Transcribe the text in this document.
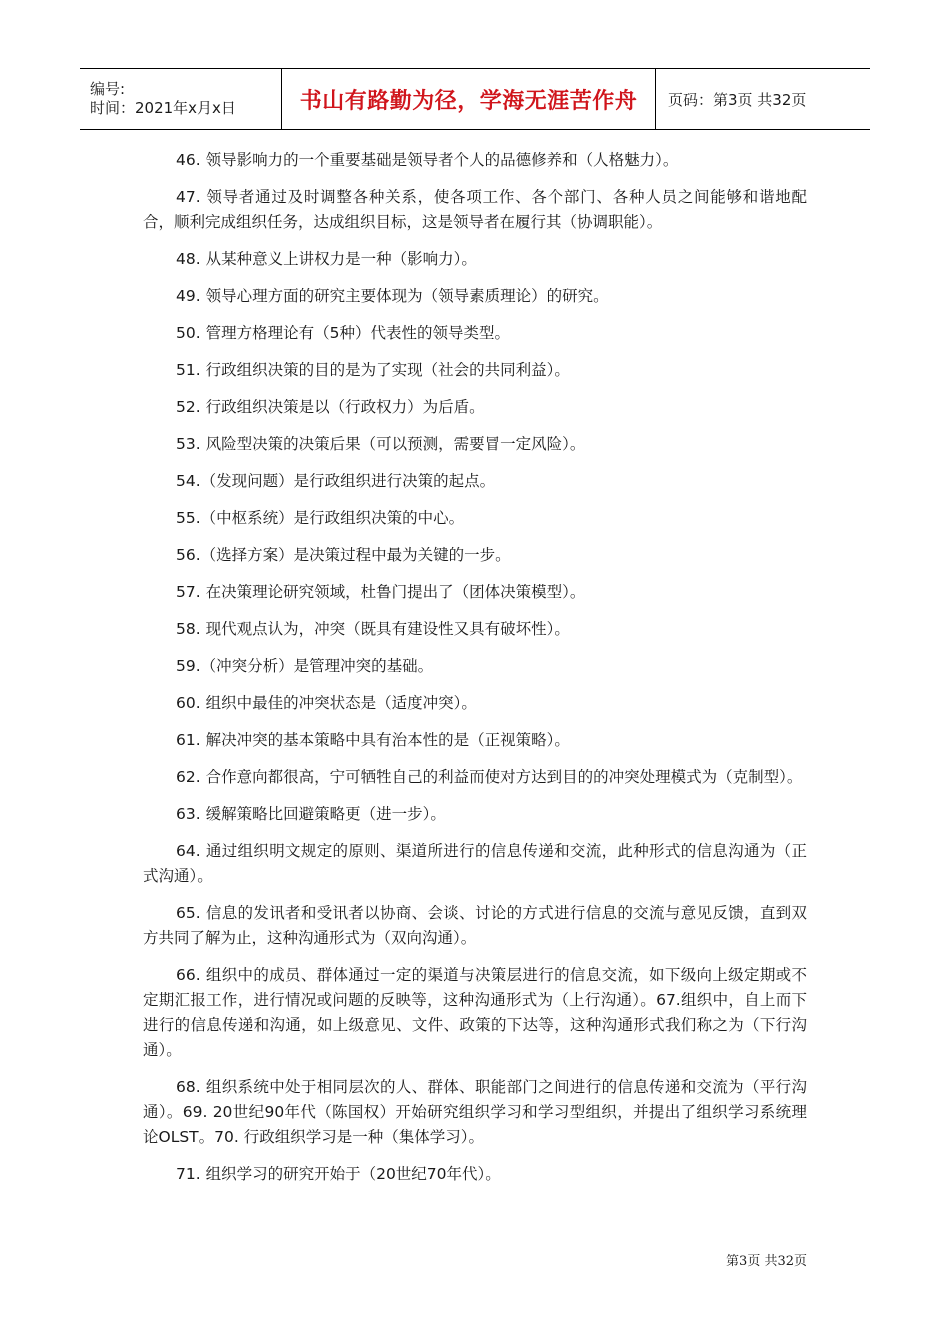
编号:
时间：2021年x月x日	书山有路勤为径，学海无涯苦作舟	页码：第3页 共32页

46. 领导影响力的一个重要基础是领导者个人的品德修养和（人格魅力）。

47. 领导者通过及时调整各种关系，使各项工作、各个部门、各种人员之间能够和谐地配合，顺利完成组织任务，达成组织目标，这是领导者在履行其（协调职能）。

48. 从某种意义上讲权力是一种（影响力）。

49. 领导心理方面的研究主要体现为（领导素质理论）的研究。

50. 管理方格理论有（5种）代表性的领导类型。

51. 行政组织决策的目的是为了实现（社会的共同利益）。

52. 行政组织决策是以（行政权力）为后盾。

53. 风险型决策的决策后果（可以预测，需要冒一定风险）。

54.（发现问题）是行政组织进行决策的起点。

55.（中枢系统）是行政组织决策的中心。

56.（选择方案）是决策过程中最为关键的一步。

57. 在决策理论研究领域，杜鲁门提出了（团体决策模型）。

58. 现代观点认为，冲突（既具有建设性又具有破坏性）。

59.（冲突分析）是管理冲突的基础。

60. 组织中最佳的冲突状态是（适度冲突）。

61. 解决冲突的基本策略中具有治本性的是（正视策略）。

62. 合作意向都很高，宁可牺牲自己的利益而使对方达到目的的冲突处理模式为（克制型）。

63. 缓解策略比回避策略更（进一步）。

64. 通过组织明文规定的原则、渠道所进行的信息传递和交流，此种形式的信息沟通为（正式沟通）。

65. 信息的发讯者和受讯者以协商、会谈、讨论的方式进行信息的交流与意见反馈，直到双方共同了解为止，这种沟通形式为（双向沟通）。

66. 组织中的成员、群体通过一定的渠道与决策层进行的信息交流，如下级向上级定期或不定期汇报工作，进行情况或问题的反映等，这种沟通形式为（上行沟通）。67.组织中，自上而下进行的信息传递和沟通，如上级意见、文件、政策的下达等，这种沟通形式我们称之为（下行沟通）。

68. 组织系统中处于相同层次的人、群体、职能部门之间进行的信息传递和交流为（平行沟通）。69. 20世纪90年代（陈国权）开始研究组织学习和学习型组织，并提出了组织学习系统理论OLST。70. 行政组织学习是一种（集体学习）。

71. 组织学习的研究开始于（20世纪70年代）。

第3页 共32页
